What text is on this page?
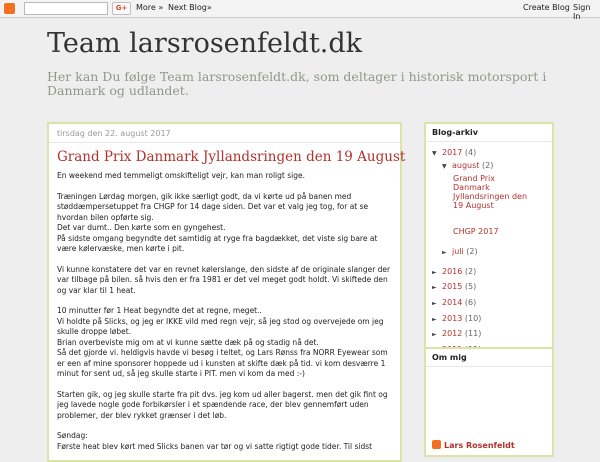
G+	More » Next Blog»	Create Blog Sign In
Team larsrosenfeldt.dk
Her kan Du følge Team larsrosenfeldt.dk, som deltager i historisk motorsport i Danmark og udlandet.
tirsdag den 22. august 2017
Grand Prix Danmark Jyllandsringen den 19 August

En weekend med temmeligt omskifteligt vejr, kan man roligt sige.

Træningen Lørdag morgen, gik ikke særligt godt, da vi kørte ud på banen med støddæmpersetuppet fra CHGP for 14 dage siden. Det var et valg jeg tog, for at se hvordan bilen opførte sig.
Det var dumt.. Den kørte som en gyngehest.
På sidste omgang begyndte det samtidig at ryge fra bagdækket, det viste sig bare at være kølervæske, men kørte i pit.

Vi kunne konstatere det var en revnet kølerslange, den sidste af de originale slanger der var tilbage på bilen. så hvis den er fra 1981 er det vel meget godt holdt. Vi skiftede den og var klar til 1 heat.

10 minutter før 1 Heat begyndte det at regne, meget..
Vi holdte på Slicks, og jeg er IKKE vild med regn vejr, så jeg stod og overvejede om jeg skulle droppe løbet.
Brian overbeviste mig om at vi kunne sætte dæk på og stadig nå det.
Så det gjorde vi. heldigvis havde vi besøg i teltet, og Lars Rønss fra NORR Eyewear som er een af mine sponsorer hoppede ud i kunsten at skifte dæk på tid. vi kom desværre 1 minut for sent ud, så jeg skulle starte i PIT. men vi kom da med :-)

Starten gik, og jeg skulle starte fra pit dvs. jeg kom ud aller bagerst. men det gik fint og jeg lavede nogle gode forbikørsler i et spændende race, der blev gennemført uden problemer, der blev rykket grænser i det løb.

Søndag:
Første heat blev kørt med Slicks banen var tør og vi satte rigtigt gode tider. Til sidst

Blog-arkiv
▼ 2017 (4)
▼ august (2)
Grand Prix Danmark Jyllandsringen den 19 August
CHGP 2017
► juli (2)
► 2016 (2)
► 2015 (5)
► 2014 (6)
► 2013 (10)
► 2012 (11)
Om mig
Lars Rosenfeldt
